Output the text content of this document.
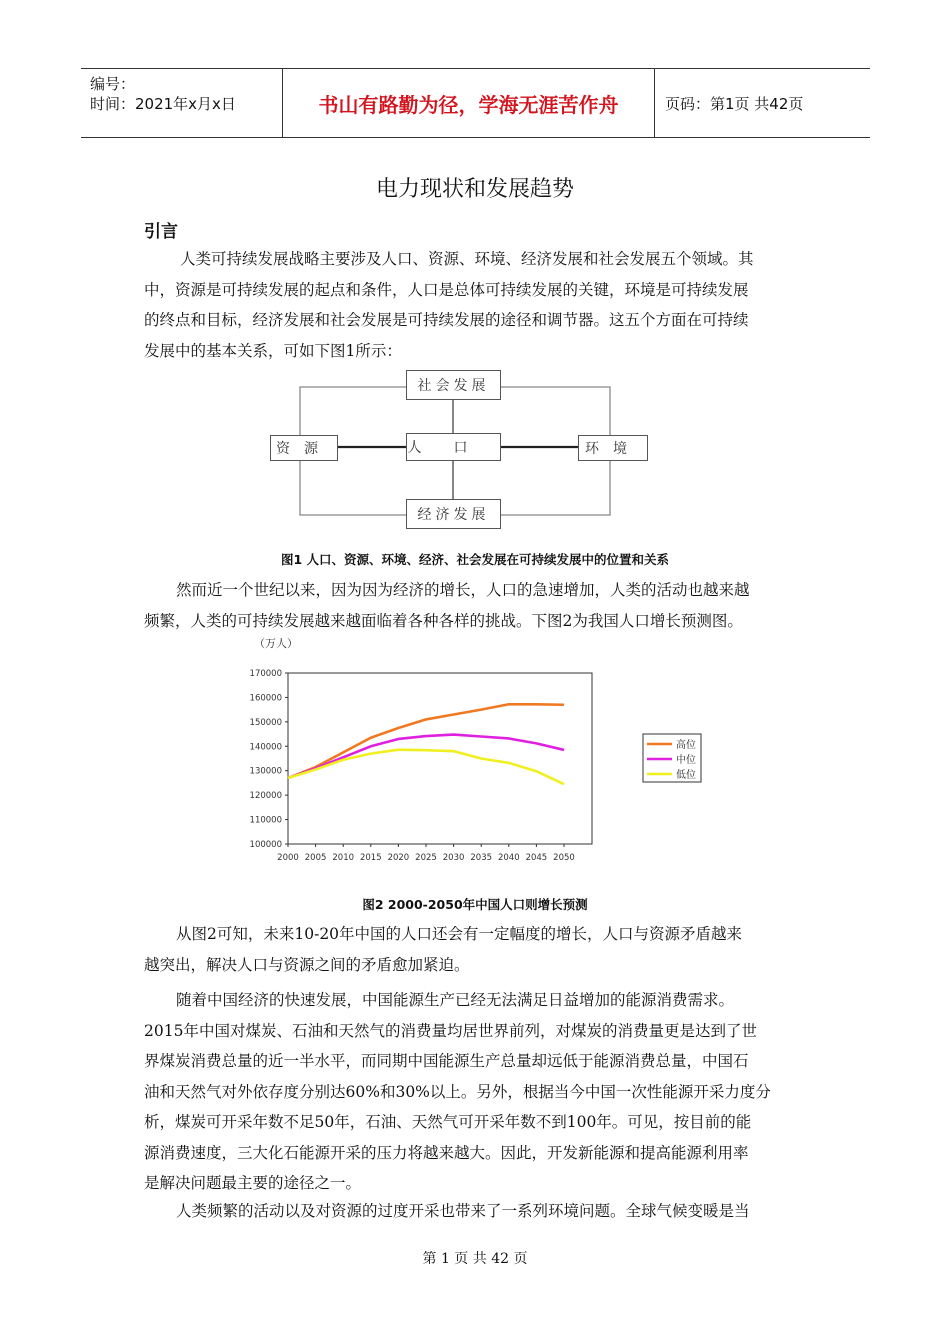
编号：
时间：2021年x月x日	书山有路勤为径，学海无涯苦作舟	页码：第1页 共42页
电力现状和发展趋势
引言
人类可持续发展战略主要涉及人口、资源、环境、经济发展和社会发展五个领域。其
中，资源是可持续发展的起点和条件，人口是总体可持续发展的关键，环境是可持续发展
的终点和目标，经济发展和社会发展是可持续发展的途径和调节器。这五个方面在可持续
发展中的基本关系，可如下图1所示：
社会发展
资源	人口	环境
经济发展
图1 人口、资源、环境、经济、社会发展在可持续发展中的位置和关系
然而近一个世纪以来，因为因为经济的增长，人口的急速增加，人类的活动也越来越
频繁，人类的可持续发展越来越面临着各种各样的挑战。下图2为我国人口增长预测图。
（万人）
100000
110000
120000
130000
140000
150000
160000
170000
2000 2005 2010 2015 2020 2025 2030 2035 2040 2045 2050
高位
中位
低位
图2 2000-2050年中国人口则增长预测
从图2可知，未来10-20年中国的人口还会有一定幅度的增长，人口与资源矛盾越来
越突出，解决人口与资源之间的矛盾愈加紧迫。
随着中国经济的快速发展，中国能源生产已经无法满足日益增加的能源消费需求。
2015年中国对煤炭、石油和天然气的消费量均居世界前列，对煤炭的消费量更是达到了世
界煤炭消费总量的近一半水平，而同期中国能源生产总量却远低于能源消费总量，中国石
油和天然气对外依存度分别达60%和30%以上。另外，根据当今中国一次性能源开采力度分
析，煤炭可开采年数不足50年，石油、天然气可开采年数不到100年。可见，按目前的能
源消费速度，三大化石能源开采的压力将越来越大。因此，开发新能源和提高能源利用率
是解决问题最主要的途径之一。
人类频繁的活动以及对资源的过度开采也带来了一系列环境问题。全球气候变暖是当
第 1 页 共 42 页
